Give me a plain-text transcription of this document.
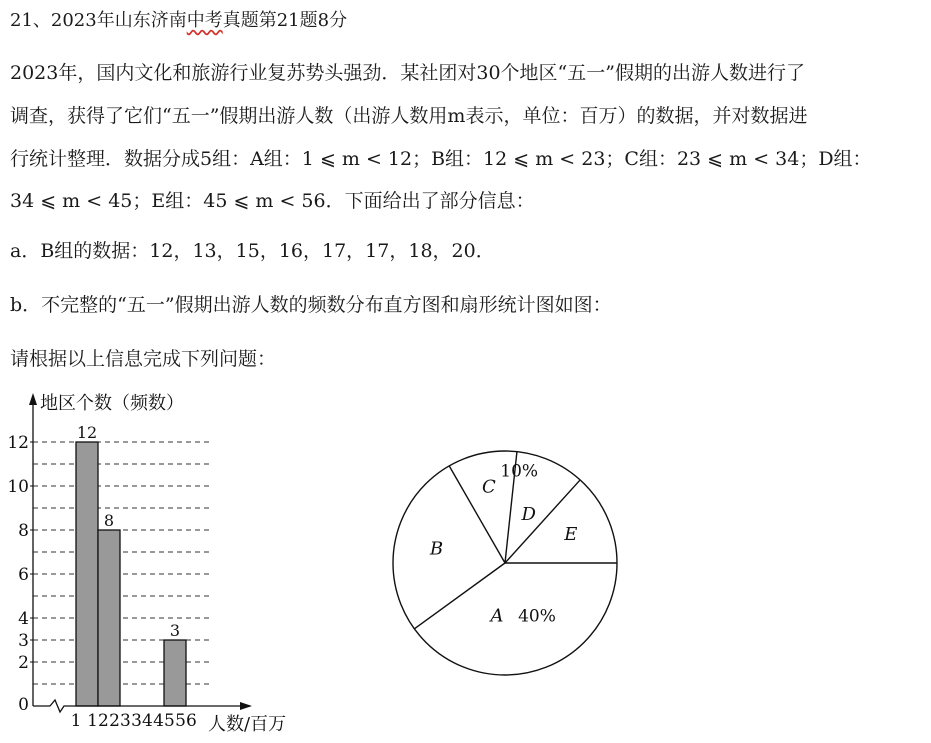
21、2023年山东济南中考真题第21题8分
2023年，国内文化和旅游行业复苏势头强劲．某社团对30个地区“五一”假期的出游人数进行了
调查，获得了它们“五一”假期出游人数（出游人数用m表示，单位：百万）的数据，并对数据进
行统计整理．数据分成5组：A组：1 ⩽ m < 12；B组：12 ⩽ m < 23；C组：23 ⩽ m < 34；D组：
34 ⩽ m < 45；E组：45 ⩽ m < 56．下面给出了部分信息：
a．B组的数据：12，13，15，16，17，17，18，20．
b．不完整的“五一”假期出游人数的频数分布直方图和扇形统计图如图：
请根据以上信息完成下列问题：
12
8
3
地区个数（频数）
人数/百万
0
2
3
4
6
8
10
12
1 12 23 34 45 56
A 40%
B
C
D
10%
E
